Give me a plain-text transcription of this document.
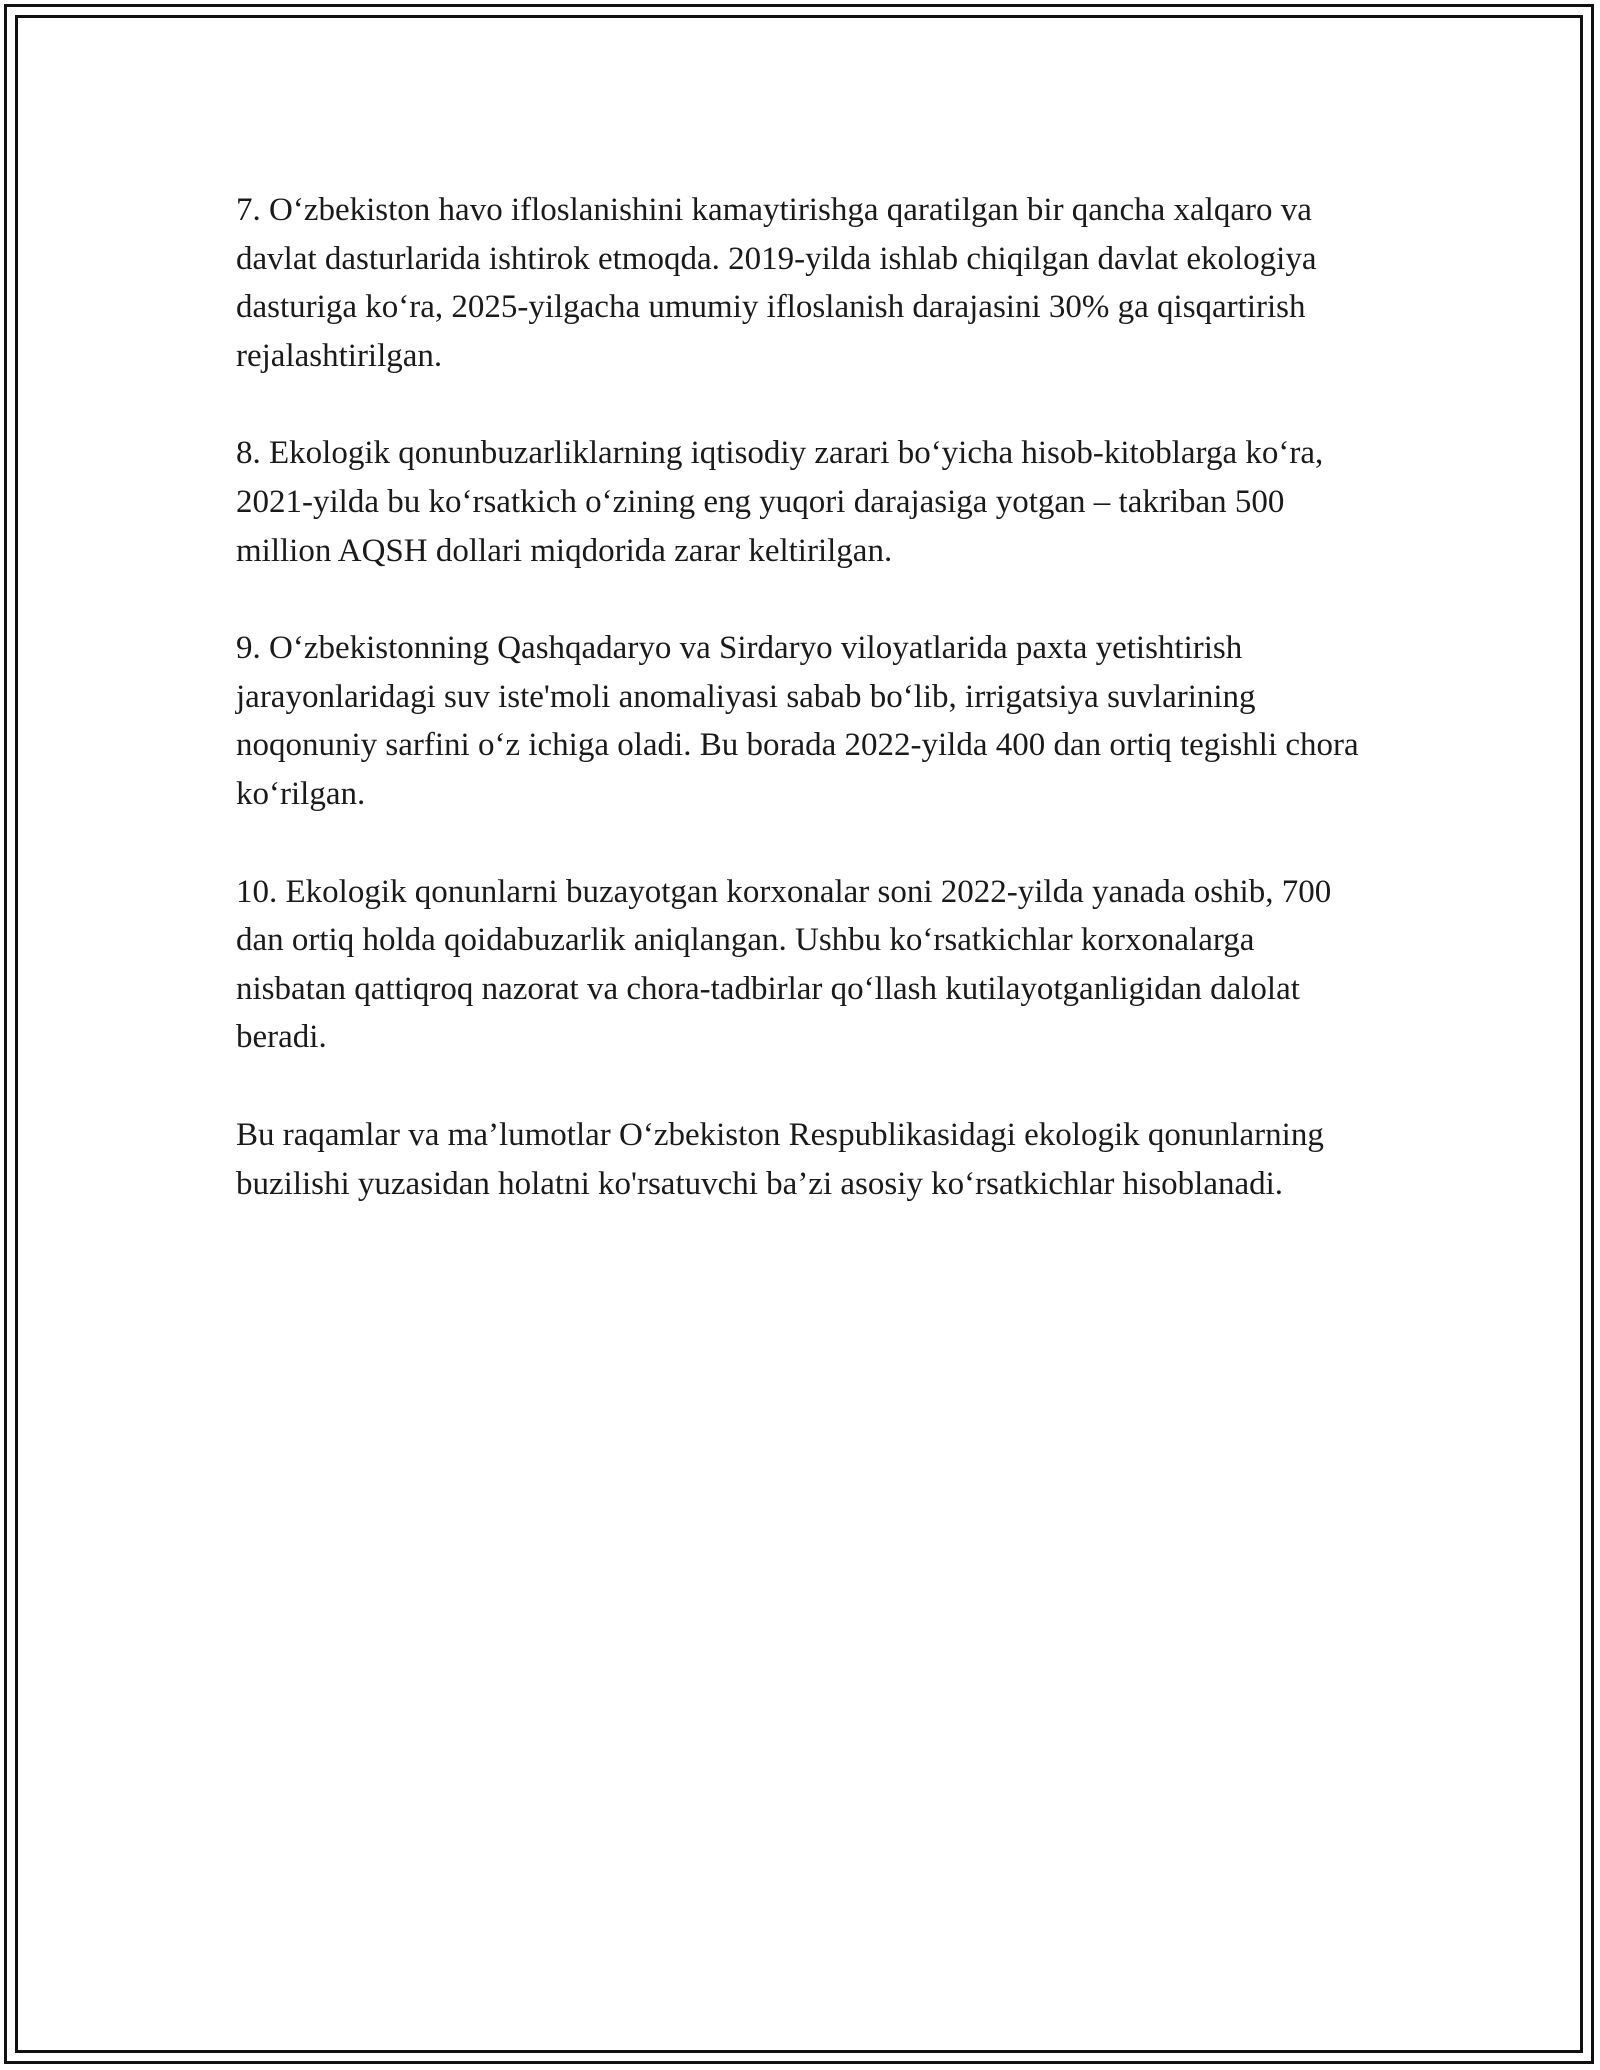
7. O‘zbekiston havo ifloslanishini kamaytirishga qaratilgan bir qancha xalqaro va davlat dasturlarida ishtirok etmoqda. 2019-yilda ishlab chiqilgan davlat ekologiya dasturiga ko‘ra, 2025-yilgacha umumiy ifloslanish darajasini 30% ga qisqartirish rejalashtirilgan.

8. Ekologik qonunbuzarliklarning iqtisodiy zarari bo‘yicha hisob-kitoblarga ko‘ra, 2021-yilda bu ko‘rsatkich o‘zining eng yuqori darajasiga yotgan – takriban 500 million AQSH dollari miqdorida zarar keltirilgan.

9. O‘zbekistonning Qashqadaryo va Sirdaryo viloyatlarida paxta yetishtirish jarayonlaridagi suv iste'moli anomaliyasi sabab bo‘lib, irrigatsiya suvlarining noqonuniy sarfini o‘z ichiga oladi. Bu borada 2022-yilda 400 dan ortiq tegishli chora ko‘rilgan.

10. Ekologik qonunlarni buzayotgan korxonalar soni 2022-yilda yanada oshib, 700 dan ortiq holda qoidabuzarlik aniqlangan. Ushbu ko‘rsatkichlar korxonalarga nisbatan qattiqroq nazorat va chora-tadbirlar qo‘llash kutilayotganligidan dalolat beradi.

Bu raqamlar va ma’lumotlar O‘zbekiston Respublikasidagi ekologik qonunlarning buzilishi yuzasidan holatni ko'rsatuvchi ba’zi asosiy ko‘rsatkichlar hisoblanadi.
